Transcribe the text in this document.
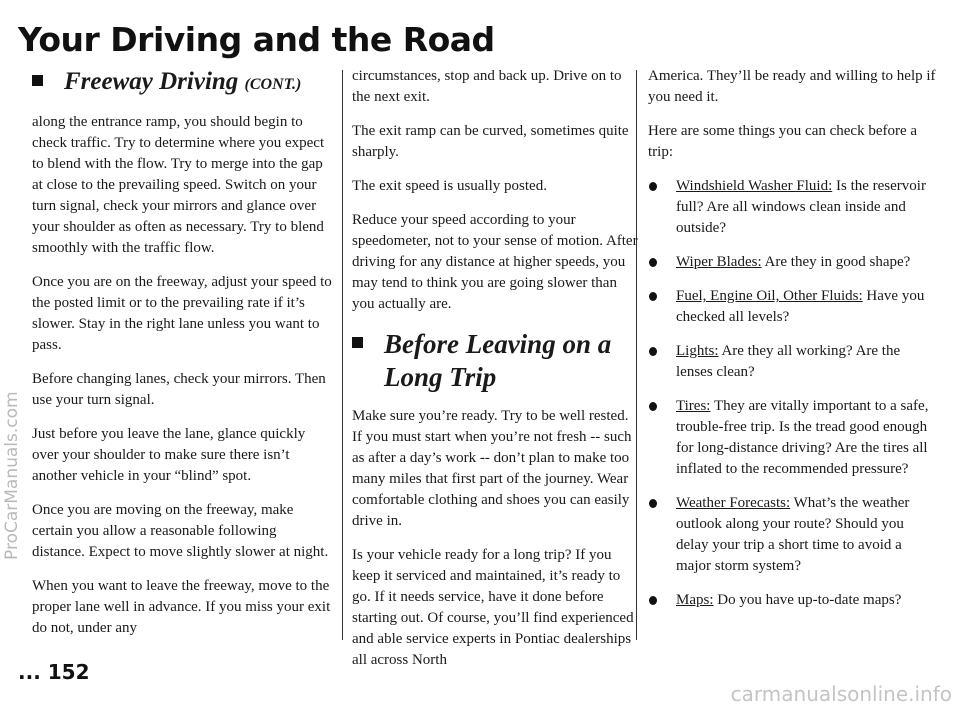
Your Driving and the Road
ProCarManuals.com
Freeway Driving (CONT.)

along the entrance ramp, you should begin to check traffic. Try to determine where you expect to blend with the flow. Try to merge into the gap at close to the prevailing speed. Switch on your turn signal, check your mirrors and glance over your shoulder as often as necessary. Try to blend smoothly with the traffic flow.

Once you are on the freeway, adjust your speed to the posted limit or to the prevailing rate if it’s slower. Stay in the right lane unless you want to pass.

Before changing lanes, check your mirrors. Then use your turn signal.

Just before you leave the lane, glance quickly over your shoulder to make sure there isn’t another vehicle in your “blind” spot.

Once you are moving on the freeway, make certain you allow a reasonable following distance. Expect to move slightly slower at night.

When you want to leave the freeway, move to the proper lane well in advance. If you miss your exit do not, under any

circumstances, stop and back up. Drive on to the next exit.

The exit ramp can be curved, sometimes quite sharply.

The exit speed is usually posted.

Reduce your speed according to your speedometer, not to your sense of motion. After driving for any distance at higher speeds, you may tend to think you are going slower than you actually are.

Before Leaving on a
Long Trip

Make sure you’re ready. Try to be well rested. If you must start when you’re not fresh -- such as after a day’s work -- don’t plan to make too many miles that first part of the journey. Wear comfortable clothing and shoes you can easily drive in.

Is your vehicle ready for a long trip? If you keep it serviced and maintained, it’s ready to go. If it needs service, have it done before starting out. Of course, you’ll find experienced and able service experts in Pontiac dealerships all across North

America. They’ll be ready and willing to help if you need it.

Here are some things you can check before a trip:

Windshield Washer Fluid: Is the reservoir full? Are all windows clean inside and outside?
Wiper Blades: Are they in good shape?
Fuel, Engine Oil, Other Fluids: Have you checked all levels?
Lights: Are they all working? Are the lenses clean?
Tires: They are vitally important to a safe, trouble-free trip. Is the tread good enough for long-distance driving? Are the tires all inflated to the recommended pressure?
Weather Forecasts: What’s the weather outlook along your route? Should you delay your trip a short time to avoid a major storm system?
Maps: Do you have up-to-date maps?
... 152
carmanualsonline.info
